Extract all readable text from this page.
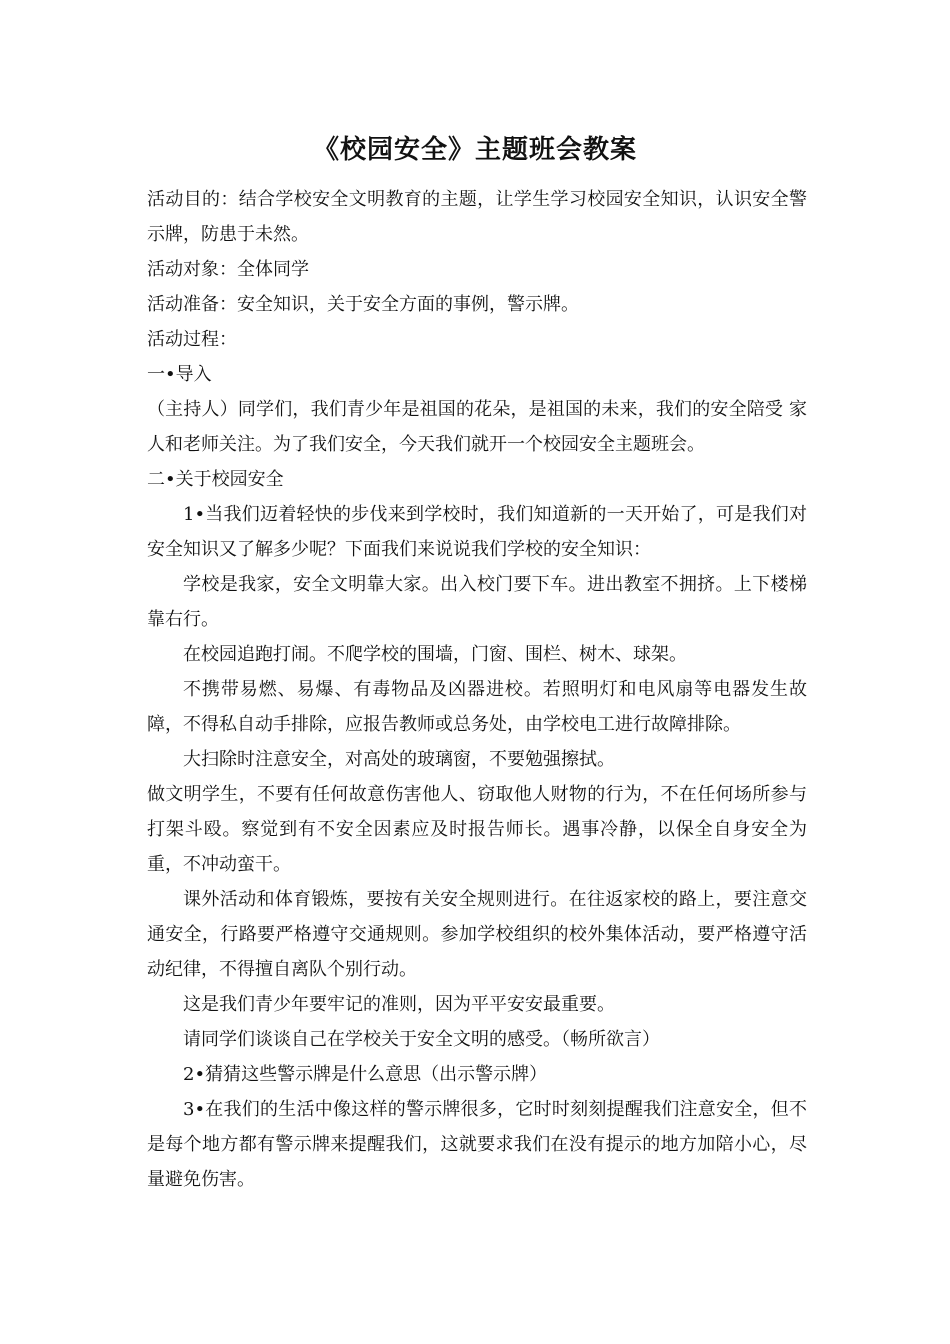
《校园安全》主题班会教案

活动目的：结合学校安全文明教育的主题，让学生学习校园安全知识，认识安全警示牌，防患于未然。

活动对象：全体同学

活动准备：安全知识，关于安全方面的事例，警示牌。

活动过程：

一•导入

（主持人）同学们，我们青少年是祖国的花朵，是祖国的未来，我们的安全陪受 家人和老师关注。为了我们安全，今天我们就开一个校园安全主题班会。

二•关于校园安全

1•当我们迈着轻快的步伐来到学校时，我们知道新的一天开始了，可是我们对安全知识又了解多少呢？下面我们来说说我们学校的安全知识：

学校是我家，安全文明靠大家。出入校门要下车。进出教室不拥挤。上下楼梯靠右行。

在校园追跑打闹。不爬学校的围墙，门窗、围栏、树木、球架。

不携带易燃、易爆、有毒物品及凶器进校。若照明灯和电风扇等电器发生故障，不得私自动手排除，应报告教师或总务处，由学校电工进行故障排除。

大扫除时注意安全，对高处的玻璃窗，不要勉强擦拭。

做文明学生，不要有任何故意伤害他人、窃取他人财物的行为，不在任何场所参与打架斗殴。察觉到有不安全因素应及时报告师长。遇事冷静，以保全自身安全为重，不冲动蛮干。

课外活动和体育锻炼，要按有关安全规则进行。在往返家校的路上，要注意交通安全，行路要严格遵守交通规则。参加学校组织的校外集体活动，要严格遵守活动纪律，不得擅自离队个别行动。

这是我们青少年要牢记的准则，因为平平安安最重要。

请同学们谈谈自己在学校关于安全文明的感受。（畅所欲言）

2•猜猜这些警示牌是什么意思（出示警示牌）

3•在我们的生活中像这样的警示牌很多，它时时刻刻提醒我们注意安全，但不是每个地方都有警示牌来提醒我们，这就要求我们在没有提示的地方加陪小心，尽量避免伤害。
